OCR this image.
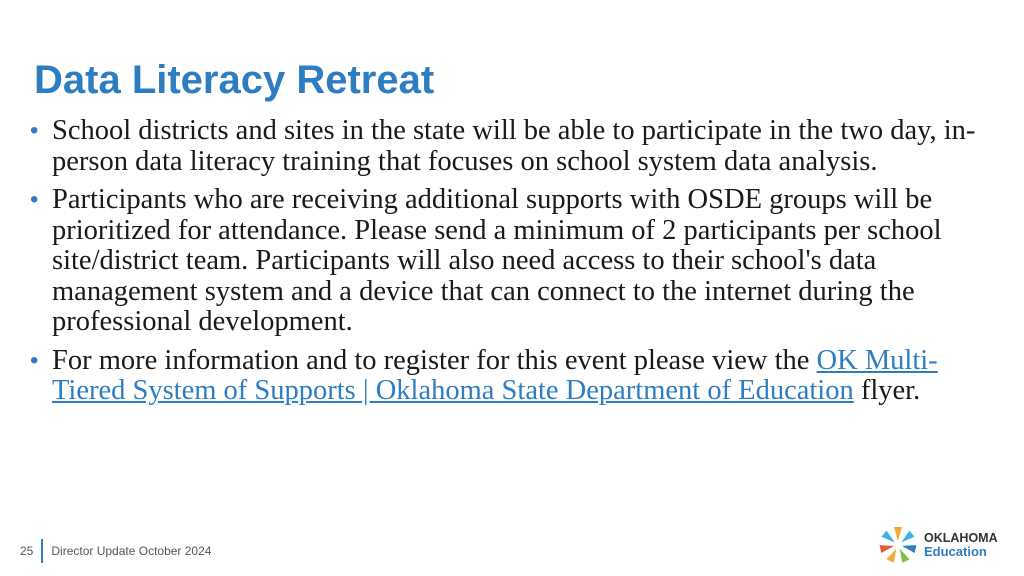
Data Literacy Retreat
• School districts and sites in the state will be able to participate in the two day, in-person data literacy training that focuses on school system data analysis.
• Participants who are receiving additional supports with OSDE groups will be prioritized for attendance. Please send a minimum of 2 participants per school site/district team. Participants will also need access to their school's data management system and a device that can connect to the internet during the professional development.
• For more information and to register for this event please view the OK Multi-Tiered System of Supports | Oklahoma State Department of Education flyer.
25 Director Update October 2024
OKLAHOMA
Education
